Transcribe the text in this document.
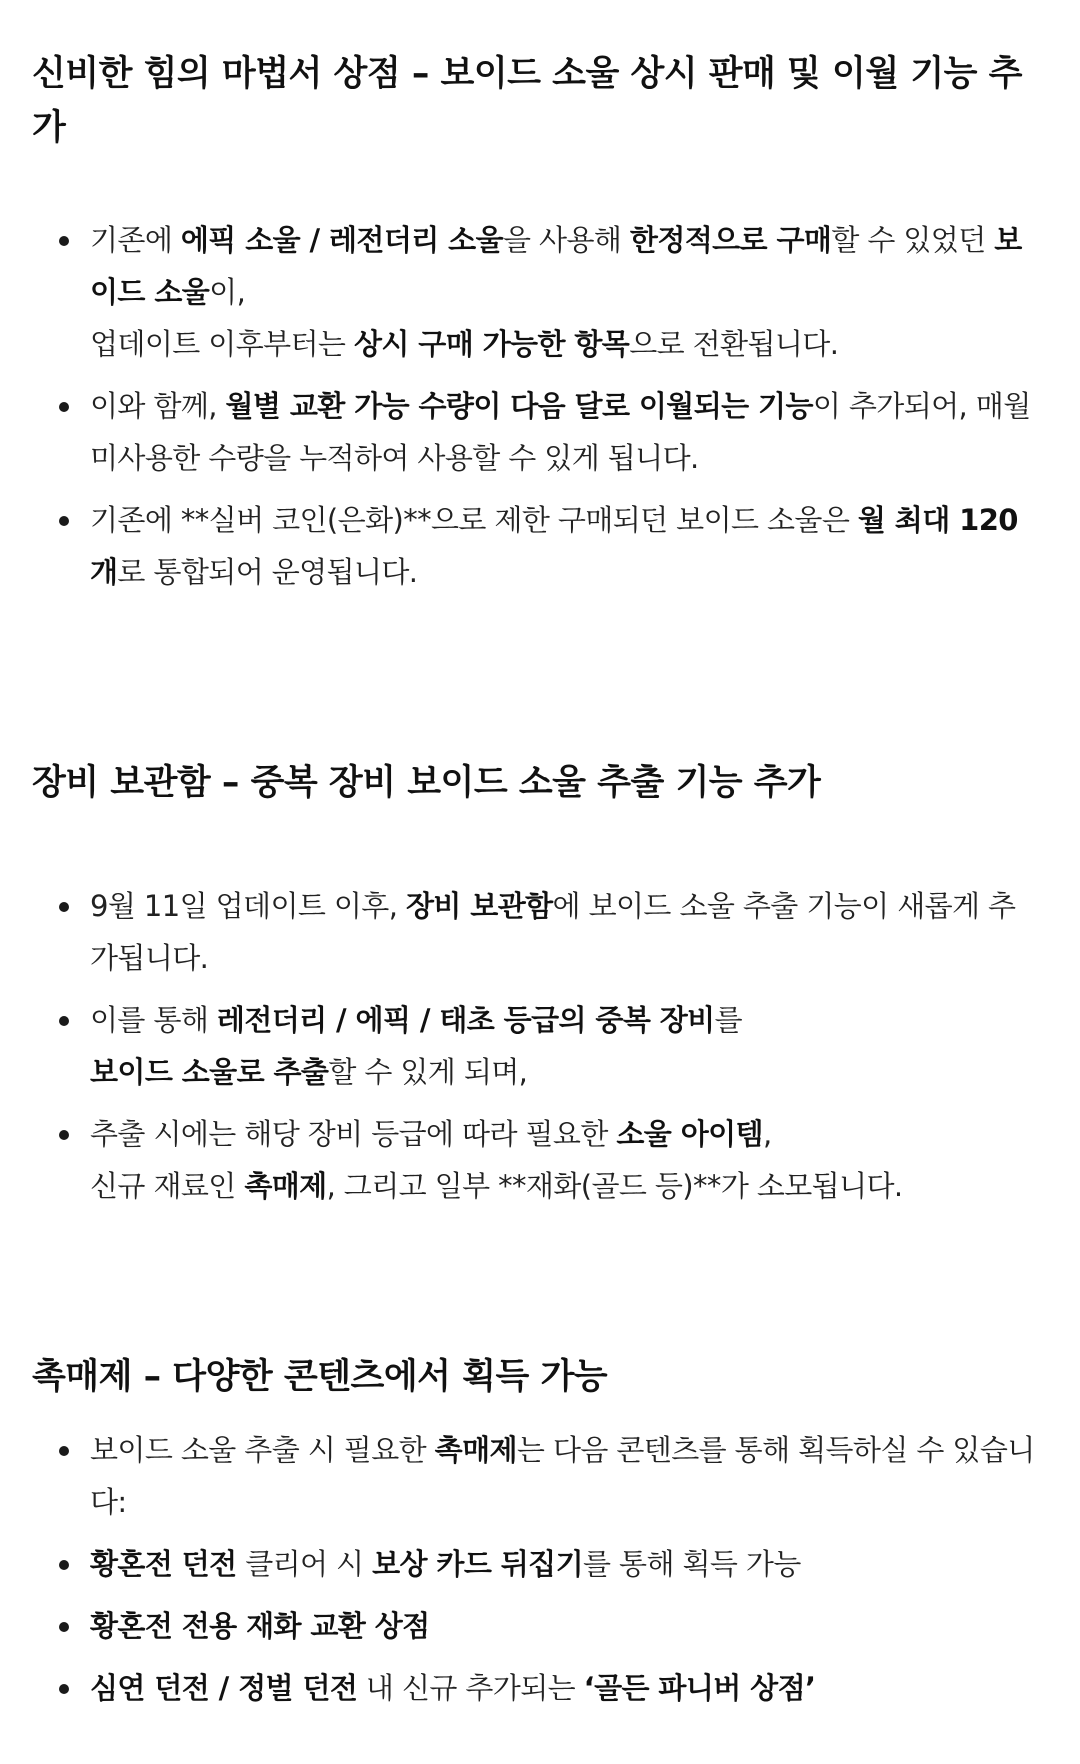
신비한 힘의 마법서 상점 – 보이드 소울 상시 판매 및 이월 기능 추가
기존에 에픽 소울 / 레전더리 소울을 사용해 한정적으로 구매할 수 있었던 보이드 소울이,
업데이트 이후부터는 상시 구매 가능한 항목으로 전환됩니다.
이와 함께, 월별 교환 가능 수량이 다음 달로 이월되는 기능이 추가되어, 매월 미사용한 수량을 누적하여 사용할 수 있게 됩니다.
기존에 **실버 코인(은화)**으로 제한 구매되던 보이드 소울은 월 최대 120개로 통합되어 운영됩니다.
장비 보관함 – 중복 장비 보이드 소울 추출 기능 추가
9월 11일 업데이트 이후, 장비 보관함에 보이드 소울 추출 기능이 새롭게 추가됩니다.
이를 통해 레전더리 / 에픽 / 태초 등급의 중복 장비를
보이드 소울로 추출할 수 있게 되며,
추출 시에는 해당 장비 등급에 따라 필요한 소울 아이템,
신규 재료인 촉매제, 그리고 일부 **재화(골드 등)**가 소모됩니다.
촉매제 – 다양한 콘텐츠에서 획득 가능
보이드 소울 추출 시 필요한 촉매제는 다음 콘텐츠를 통해 획득하실 수 있습니다:
황혼전 던전 클리어 시 보상 카드 뒤집기를 통해 획득 가능
황혼전 전용 재화 교환 상점
심연 던전 / 정벌 던전 내 신규 추가되는 ‘골든 파니버 상점’
